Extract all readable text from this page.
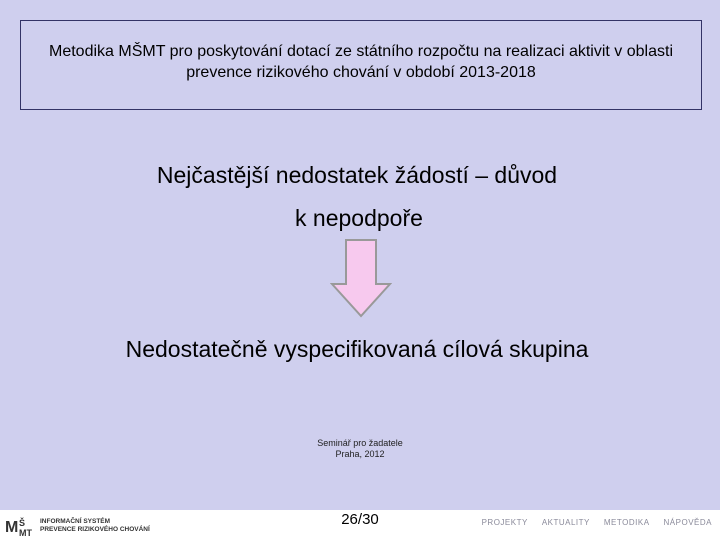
Metodika MŠMT pro poskytování dotací ze státního rozpočtu na realizaci aktivit v oblasti prevence rizikového chování v období 2013-2018
Nejčastější nedostatek žádostí – důvod
k nepodpoře
Nedostatečně vyspecifikovaná cílová skupina
Seminář pro žadatele
Praha, 2012
M Š
MT
INFORMAČNÍ SYSTÉM
PREVENCE RIZIKOVÉHO CHOVÁNÍ
26/30	PROJEKTY AKTUALITY METODIKA NÁPOVĚDA
